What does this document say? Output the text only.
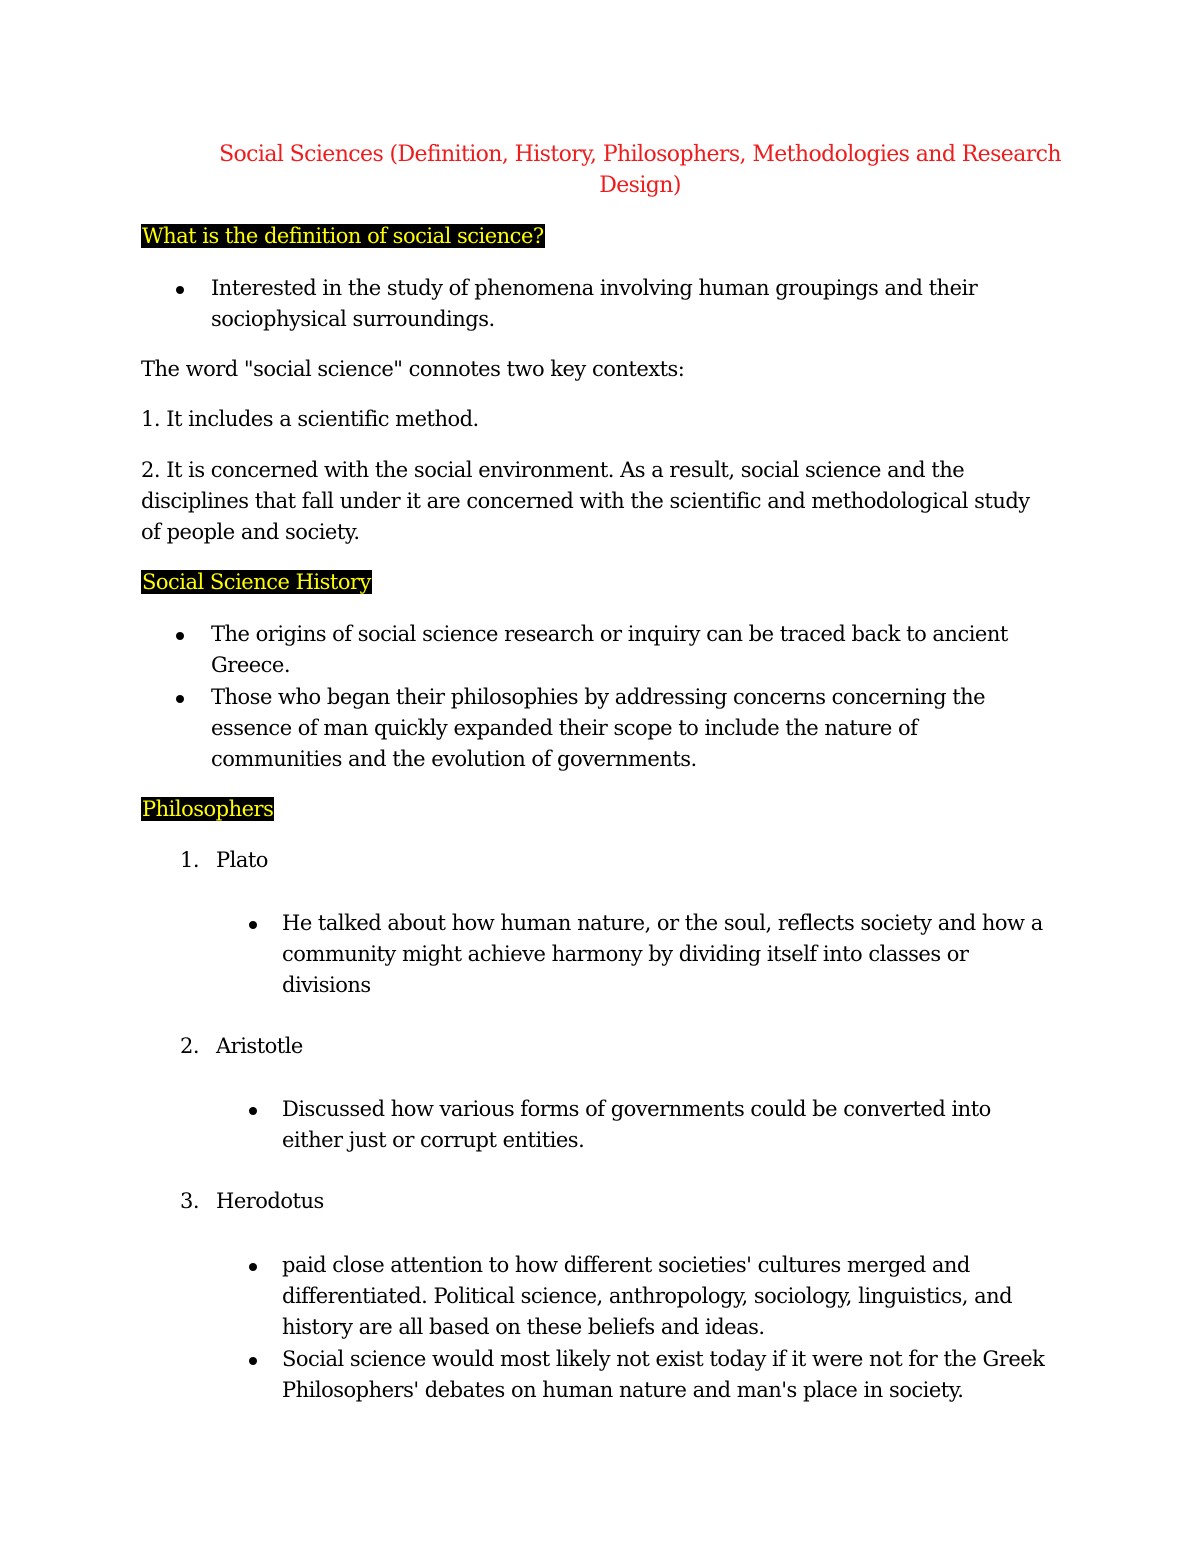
Social Sciences (Definition, History, Philosophers, Methodologies and Research
Design)
What is the definition of social science?
Interested in the study of phenomena involving human groupings and their
sociophysical surroundings.
The word "social science" connotes two key contexts:
1. It includes a scientific method.
2. It is concerned with the social environment. As a result, social science and the
disciplines that fall under it are concerned with the scientific and methodological study
of people and society.
Social Science History
The origins of social science research or inquiry can be traced back to ancient
Greece.
Those who began their philosophies by addressing concerns concerning the
essence of man quickly expanded their scope to include the nature of
communities and the evolution of governments.
Philosophers
1. Plato
He talked about how human nature, or the soul, reflects society and how a
community might achieve harmony by dividing itself into classes or
divisions
2. Aristotle
Discussed how various forms of governments could be converted into
either just or corrupt entities.
3. Herodotus
paid close attention to how different societies' cultures merged and
differentiated. Political science, anthropology, sociology, linguistics, and
history are all based on these beliefs and ideas.
Social science would most likely not exist today if it were not for the Greek
Philosophers' debates on human nature and man's place in society.
